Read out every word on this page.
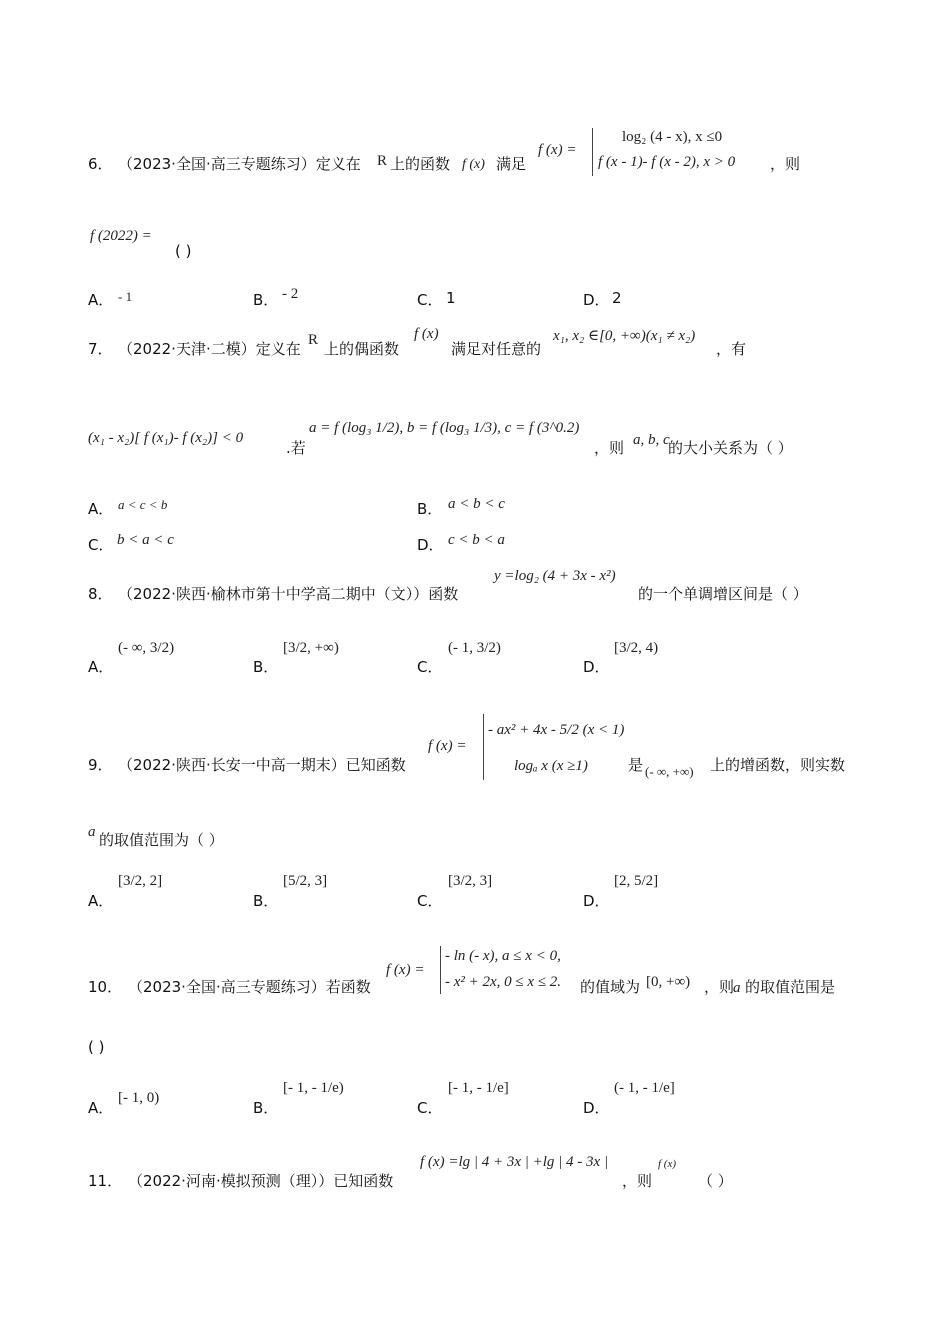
6． （2023·全国·高三专题练习）定义在 R 上的函数 f (x) 满足
f (x) =
log₂ (4 - x), x ≤0
f (x - 1)- f (x - 2), x > 0 ，则
f (2022) =
( )
A． - 1	B． - 2	C． 1	D． 2
7． （2022·天津·二模）定义在 R 上的偶函数
f (x)
满足对任意的
x₁, x₂ ∈[0, +∞)(x₁ ≠ x₂)
，有
(x₁ - x₂)[ f (x₁)- f (x₂)] < 0
.若
a = f (log₃ 1/2), b = f (log₃ 1/3), c = f (3^0.2)
，则 a, b, c
的大小关系为（ ）
A． a < c < b	B． a < b < c
C． b < a < c	D． c < b < a
8． （2022·陕西·榆林市第十中学高二期中（文））函数
y =log₂ (4 + 3x - x²)
的一个单调增区间是（ ）
A．
(- ∞, 3/2)
B．
[3/2, +∞)
C．
(- 1, 3/2)
D．
[3/2, 4)
9． （2022·陕西·长安一中高一期末）已知函数
f (x) =
- ax² + 4x - 5/2 (x < 1)
logₐ x (x ≥1)	是 (- ∞, +∞) 上的增函数，则实数
a 的取值范围为（ ）
A．
[3/2, 2]
B．
[5/2, 3]
C．
[3/2, 3]
D．
[2, 5/2]
10． （2023·全国·高三专题练习）若函数
f (x) =
- ln (- x), a ≤ x < 0,
- x² + 2x, 0 ≤ x ≤ 2. 的值域为 [0, +∞) ，则
a 的取值范围是
( )
A．
[- 1, 0)
B．
[- 1, - 1/e)
C．
[- 1, - 1/e]
D．
(- 1, - 1/e]
11． （2022·河南·模拟预测（理））已知函数
f (x) =lg | 4 + 3x | +lg | 4 - 3x |
，则
f (x)
（ ）
